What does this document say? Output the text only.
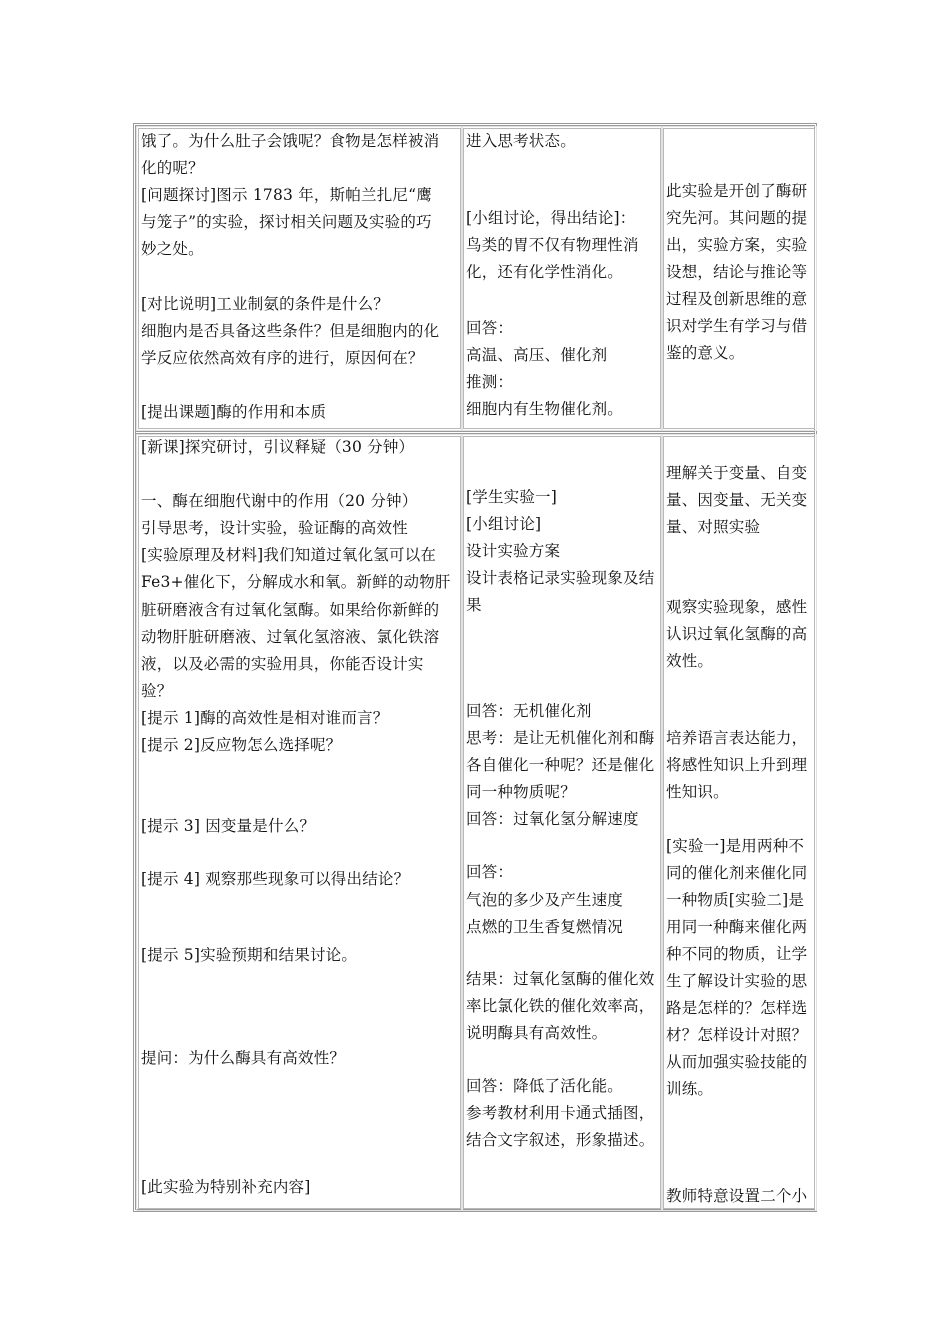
饿了。为什么肚子会饿呢？食物是怎样被消
化的呢？
[问题探讨]图示 1783 年，斯帕兰扎尼“鹰
与笼子”的实验，探讨相关问题及实验的巧
妙之处。
[对比说明]工业制氨的条件是什么？
细胞内是否具备这些条件？但是细胞内的化
学反应依然高效有序的进行，原因何在？
[提出课题]酶的作用和本质
进入思考状态。
[小组讨论，得出结论]：
鸟类的胃不仅有物理性消
化，还有化学性消化。
回答：
高温、高压、催化剂
推测：
细胞内有生物催化剂。
此实验是开创了酶研
究先河。其问题的提
出，实验方案，实验
设想，结论与推论等
过程及创新思维的意
识对学生有学习与借
鉴的意义。
[新课]探究研讨，引议释疑（30 分钟）
一、酶在细胞代谢中的作用（20 分钟）
引导思考，设计实验，验证酶的高效性
[实验原理及材料]我们知道过氧化氢可以在
Fe3+催化下，分解成水和氧。新鲜的动物肝
脏研磨液含有过氧化氢酶。如果给你新鲜的
动物肝脏研磨液、过氧化氢溶液、氯化铁溶
液，以及必需的实验用具，你能否设计实
验？
[提示 1]酶的高效性是相对谁而言？
[提示 2]反应物怎么选择呢？
[提示 3] 因变量是什么？
[提示 4] 观察那些现象可以得出结论？
[提示 5]实验预期和结果讨论。
提问：为什么酶具有高效性？
[此实验为特别补充内容]
[学生实验一]
[小组讨论]
设计实验方案
设计表格记录实验现象及结
果
回答：无机催化剂
思考：是让无机催化剂和酶
各自催化一种呢？还是催化
同一种物质呢？
回答：过氧化氢分解速度
回答：
气泡的多少及产生速度
点燃的卫生香复燃情况
结果：过氧化氢酶的催化效
率比氯化铁的催化效率高，
说明酶具有高效性。
回答：降低了活化能。
参考教材利用卡通式插图，
结合文字叙述，形象描述。
理解关于变量、自变
量、因变量、无关变
量、对照实验
观察实验现象，感性
认识过氧化氢酶的高
效性。
培养语言表达能力，
将感性知识上升到理
性知识。
[实验一]是用两种不
同的催化剂来催化同
一种物质[实验二]是
用同一种酶来催化两
种不同的物质，让学
生了解设计实验的思
路是怎样的？怎样选
材？怎样设计对照？
从而加强实验技能的
训练。
教师特意设置二个小
